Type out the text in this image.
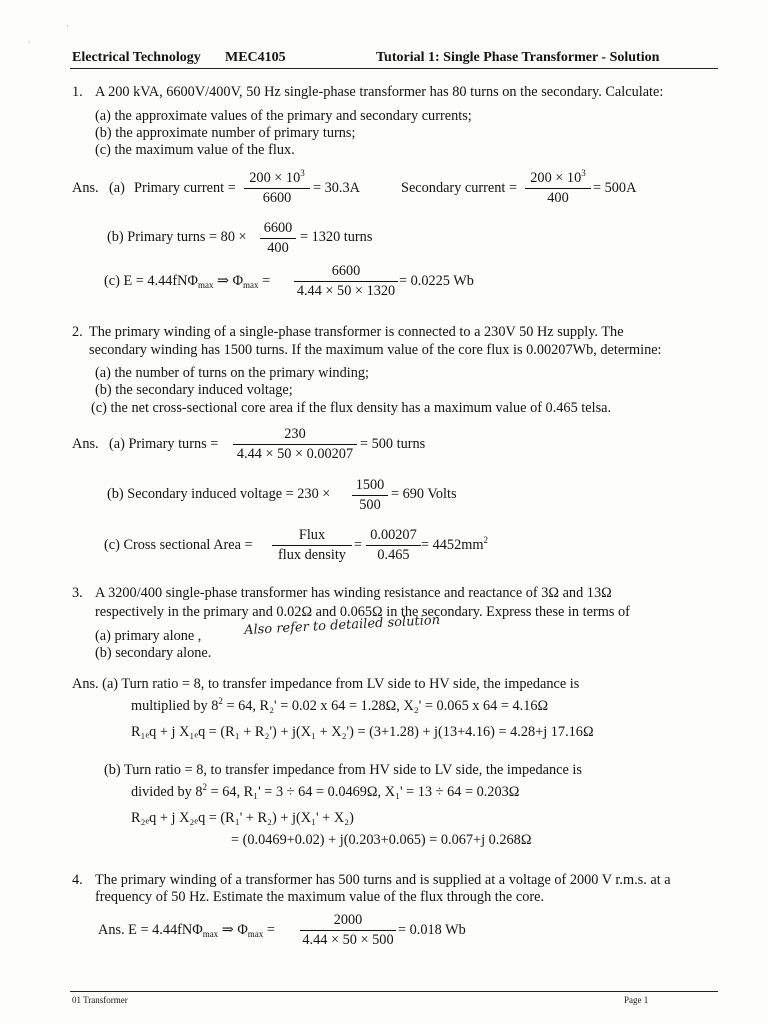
·
·
Electrical Technology MEC4105	Tutorial 1: Single Phase Transformer - Solution
1. A 200 kVA, 6600V/400V, 50 Hz single-phase transformer has 80 turns on the secondary. Calculate:
(a) the approximate values of the primary and secondary currents;
(b) the approximate number of primary turns;
(c) the maximum value of the flux.
Ans. (a) Primary current =
$200 \times 10^3$
6600
= 30.3A	Secondary current =
$200 \times 10^3$
400
= 500A
(b) Primary turns = 80 ×
6600
400
= 1320 turns
(c) E = 4.44fNΦ$_{max}$ ⇒ $\Phi_{max}$ =
6600
4.44 × 50 × 1320
= 0.0225 Wb
2. The primary winding of a single-phase transformer is connected to a 230V 50 Hz supply. The
secondary winding has 1500 turns. If the maximum value of the core flux is 0.00207Wb, determine:
(a) the number of turns on the primary winding;
(b) the secondary induced voltage;
(c) the net cross-sectional core area if the flux density has a maximum value of 0.465 telsa.
Ans. (a) Primary turns =
230
4.44 × 50 × 0.00207
= 500 turns
(b) Secondary induced voltage = 230 ×
1500
500
= 690 Volts
(c) Cross sectional Area =
Flux
flux density
=
0.00207
0.465
= $4452mm^2$
3. A 3200/400 single-phase transformer has winding resistance and reactance of 3Ω and 13Ω
respectively in the primary and 0.02Ω and 0.065Ω in the secondary. Express these in terms of
(a) primary alone ,
(b) secondary alone.
Also refer to detailed solution
Ans. (a) Turn ratio = 8, to transfer impedance from LV side to HV side, the impedance is
multiplied by $8^2 = 64$, R₂' = 0.02 x 64 = 1.28Ω, X₂' = 0.065 x 64 = 4.16Ω
R₁ₑq + j X₁ₑq = (R₁ + R₂') + j(X₁ + X₂') = (3+1.28) + j(13+4.16) = 4.28+j 17.16Ω
(b) Turn ratio = 8, to transfer impedance from HV side to LV side, the impedance is
divided by $8^2 = 64$, R₁' = 3 ÷ 64 = 0.0469Ω, X₁' = 13 ÷ 64 = 0.203Ω
R₂ₑq + j X₂ₑq = (R₁' + R₂) + j(X₁' + X₂)
= (0.0469+0.02) + j(0.203+0.065) = 0.067+j 0.268Ω
4. The primary winding of a transformer has 500 turns and is supplied at a voltage of 2000 V r.m.s. at a
frequency of 50 Hz. Estimate the maximum value of the flux through the core.
Ans. E = 4.44fNΦ$_{max}$ ⇒ $\Phi_{max}$ =
2000
4.44 × 50 × 500
= 0.018 Wb
01 Transformer	Page 1
